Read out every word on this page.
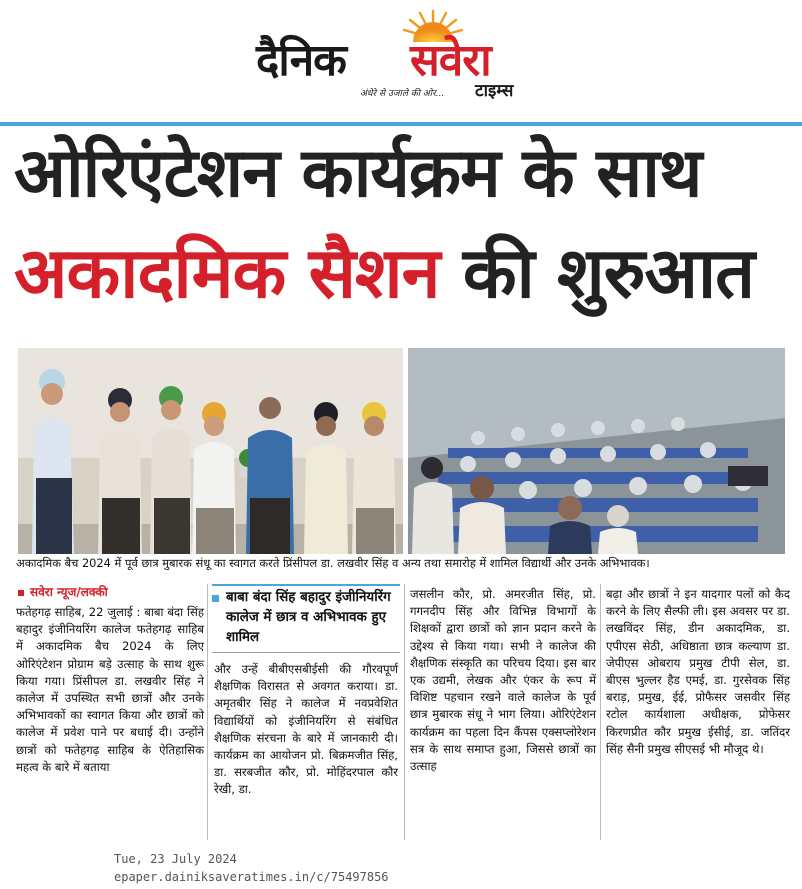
दैनिक सवेरा
अंधेरे से उजाले की ओर... टाइम्स
ओरिएंटेशन कार्यक्रम के साथ
अकादमिक सैशन की शुरुआत
अकादमिक बैच 2024 में पूर्व छात्र मुबारक संधू का स्वागत करते प्रिंसीपल डा. लखवीर सिंह व अन्य तथा समारोह में शामिल विद्यार्थी और उनके अभिभावक।
सवेरा न्यूज/लक्की

फतेहगढ़ साहिब, 22 जुलाई : बाबा बंदा सिंह बहादुर इंजीनियरिंग कालेज फतेहगढ़ साहिब में अकादमिक बैच 2024 के लिए ओरिएंटेशन प्रोग्राम बड़े उत्साह के साथ शुरू किया गया। प्रिंसीपल डा. लखवीर सिंह ने कालेज में उपस्थित सभी छात्रों और उनके अभिभावकों का स्वागत किया और छात्रों को कालेज में प्रवेश पाने पर बधाई दी। उन्होंने छात्रों को फतेहगढ़ साहिब के ऐतिहासिक महत्व के बारे में बताया

बाबा बंदा सिंह बहादुर इंजीनियरिंग कालेज में छात्र व अभिभावक हुए शामिल

और उन्हें बीबीएसबीईसी की गौरवपूर्ण शैक्षणिक विरासत से अवगत कराया। डा. अमृतबीर सिंह ने कालेज में नवप्रवेशित विद्यार्थियों को इंजीनियरिंग से संबंधित शैक्षणिक संरचना के बारे में जानकारी दी। कार्यक्रम का आयोजन प्रो. बिक्रमजीत सिंह, डा. सरबजीत कौर, प्रो. मोहिंदरपाल कौर रेखी, डा.

जसलीन कौर, प्रो. अमरजीत सिंह, प्रो. गगनदीप सिंह और विभिन्न विभागों के शिक्षकों द्वारा छात्रों को ज्ञान प्रदान करने के उद्देश्य से किया गया। सभी ने कालेज की शैक्षणिक संस्कृति का परिचय दिया। इस बार एक उद्यमी, लेखक और एंकर के रूप में विशिष्ट पहचान रखने वाले कालेज के पूर्व छात्र मुबारक संधू ने भाग लिया। ओरिएंटेशन कार्यक्रम का पहला दिन कैंपस एक्सप्लोरेशन सत्र के साथ समाप्त हुआ, जिससे छात्रों का उत्साह

बढ़ा और छात्रों ने इन यादगार पलों को कैद करने के लिए सैल्फी ली। इस अवसर पर डा. लखविंदर सिंह, डीन अकादमिक, डा. एपीएस सेठी, अधिष्ठाता छात्र कल्याण डा. जेपीएस ओबराय प्रमुख टीपी सेल, डा. बीएस भुल्लर हैड एमई, डा. गुरसेवक सिंह बराड़, प्रमुख, ईई, प्रोफैसर जसवीर सिंह रटोल कार्यशाला अधीक्षक, प्रोफेसर किरणप्रीत कौर प्रमुख ईसीई, डा. जतिंदर सिंह सैनी प्रमुख सीएसई भी मौजूद थे।

Tue, 23 July 2024
epaper.dainiksaveratimes.in/c/75497856
